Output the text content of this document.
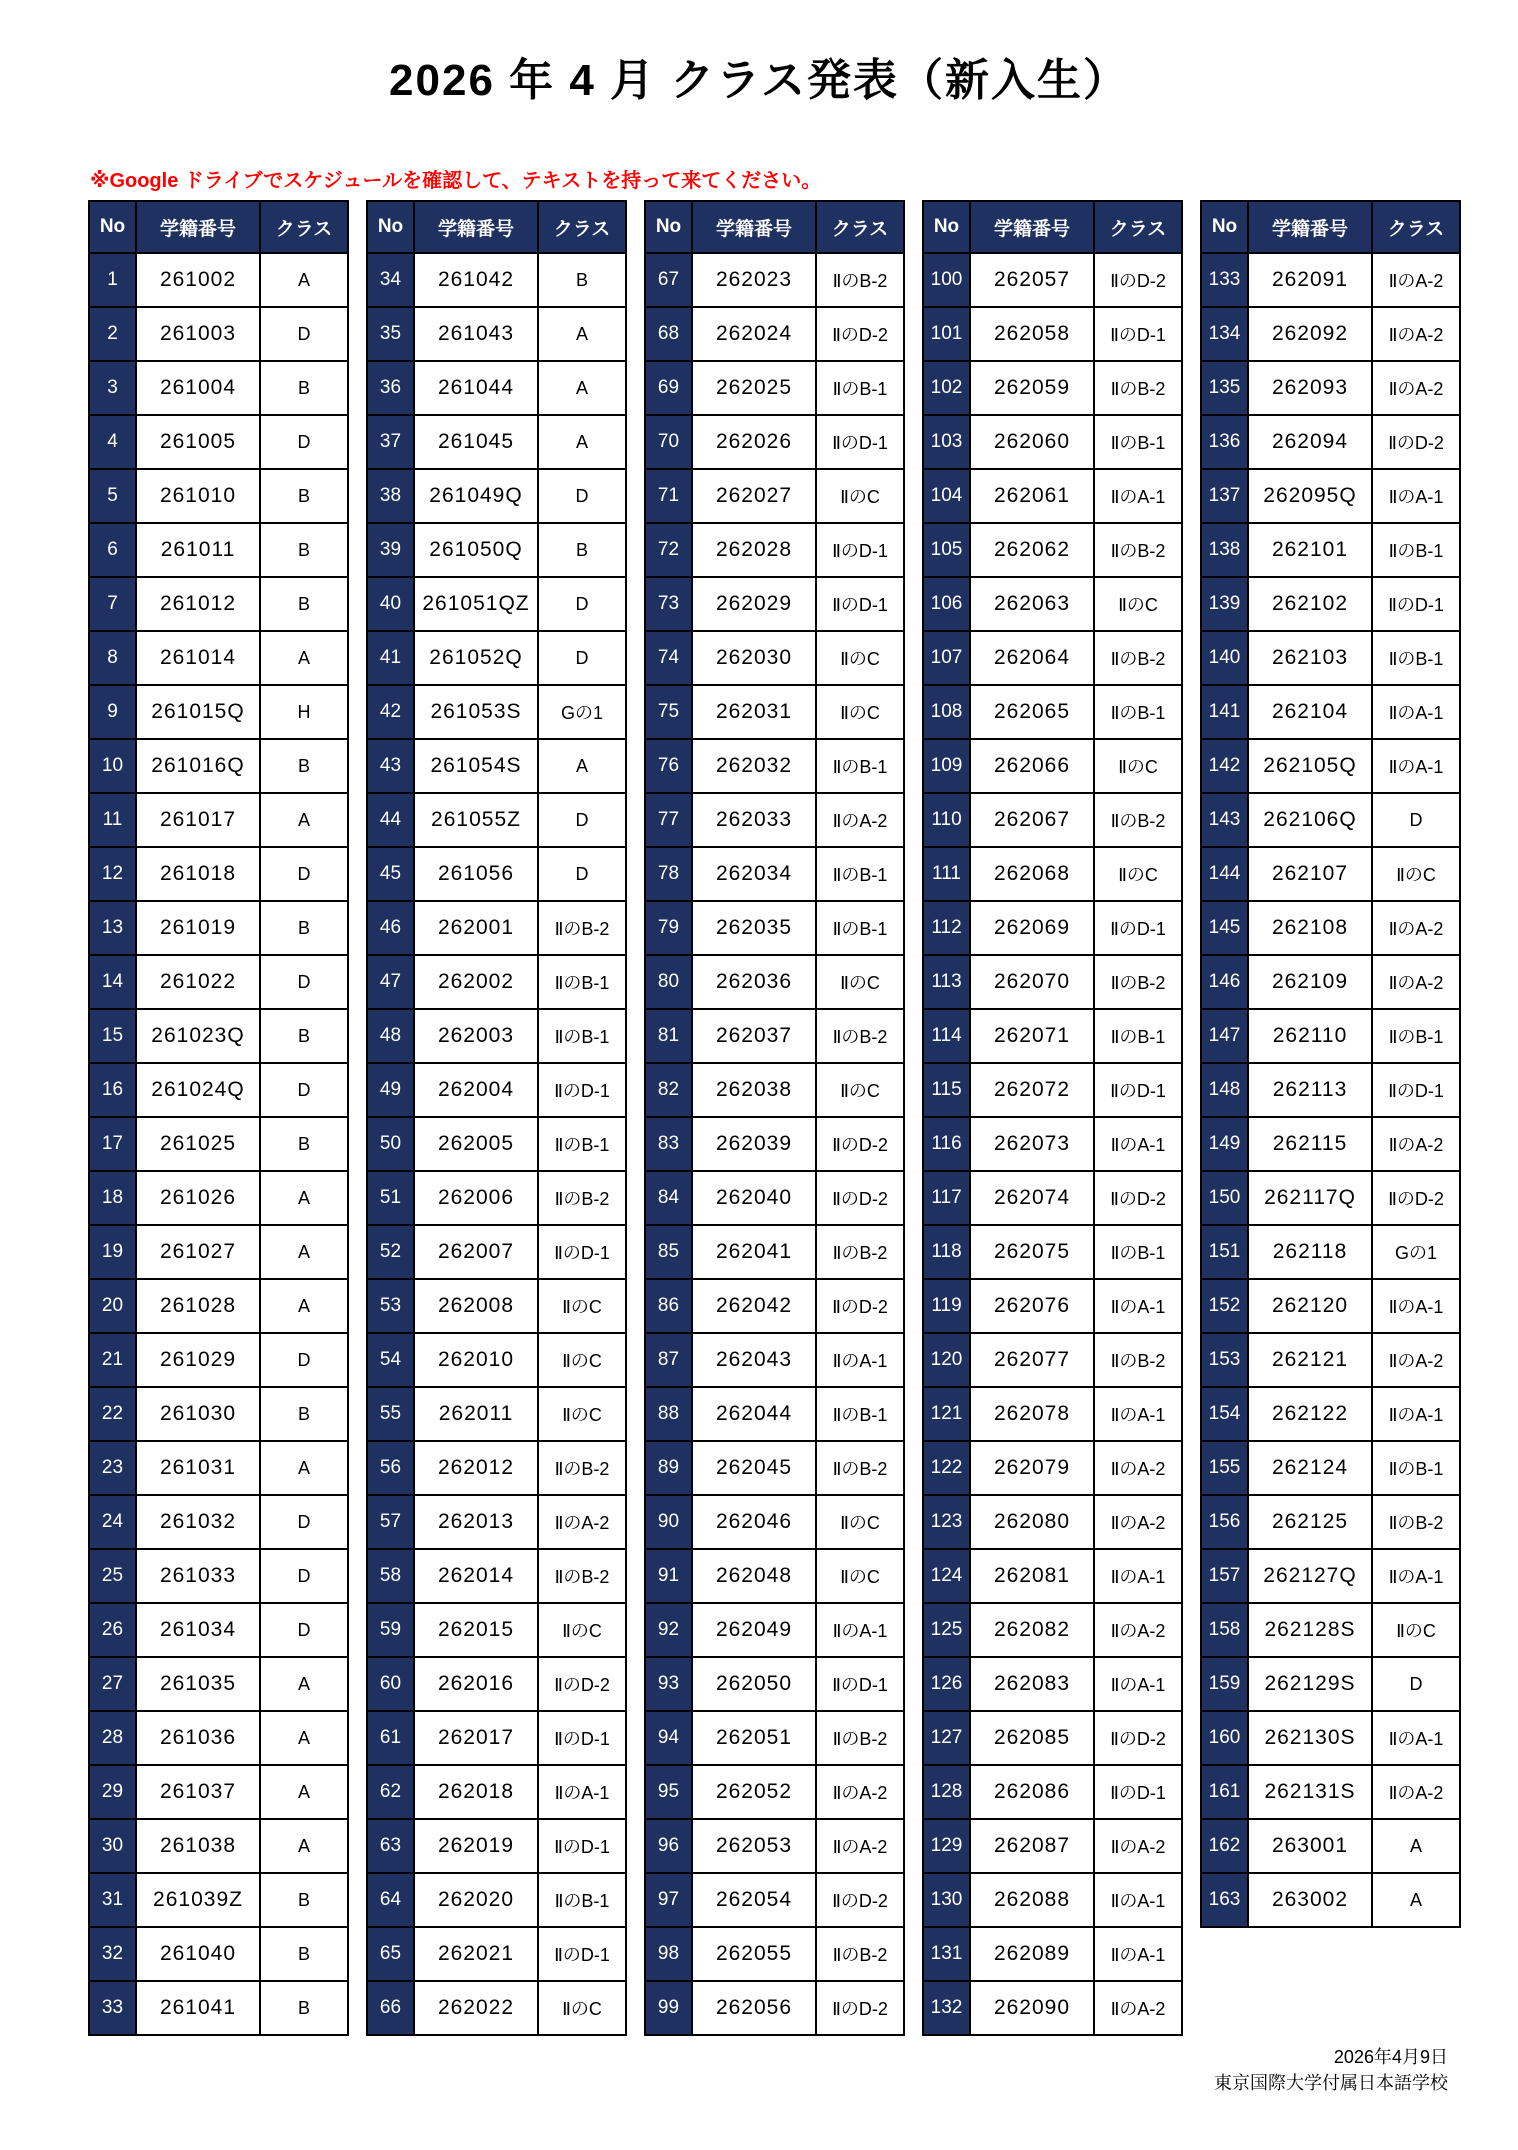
2026 年 4 月 クラス発表（新入生）
※Google ドライブでスケジュールを確認して、テキストを持って来てください。
No	学籍番号	クラス
1	261002	A
2	261003	D
3	261004	B
4	261005	D
5	261010	B
6	261011	B
7	261012	B
8	261014	A
9	261015Q	H
10	261016Q	B
11	261017	A
12	261018	D
13	261019	B
14	261022	D
15	261023Q	B
16	261024Q	D
17	261025	B
18	261026	A
19	261027	A
20	261028	A
21	261029	D
22	261030	B
23	261031	A
24	261032	D
25	261033	D
26	261034	D
27	261035	A
28	261036	A
29	261037	A
30	261038	A
31	261039Z	B
32	261040	B
33	261041	B
No	学籍番号	クラス
34	261042	B
35	261043	A
36	261044	A
37	261045	A
38	261049Q	D
39	261050Q	B
40	261051QZ	D
41	261052Q	D
42	261053S	Gの1
43	261054S	A
44	261055Z	D
45	261056	D
46	262001	ⅡのB-2
47	262002	ⅡのB-1
48	262003	ⅡのB-1
49	262004	ⅡのD-1
50	262005	ⅡのB-1
51	262006	ⅡのB-2
52	262007	ⅡのD-1
53	262008	ⅡのC
54	262010	ⅡのC
55	262011	ⅡのC
56	262012	ⅡのB-2
57	262013	ⅡのA-2
58	262014	ⅡのB-2
59	262015	ⅡのC
60	262016	ⅡのD-2
61	262017	ⅡのD-1
62	262018	ⅡのA-1
63	262019	ⅡのD-1
64	262020	ⅡのB-1
65	262021	ⅡのD-1
66	262022	ⅡのC
No	学籍番号	クラス
67	262023	ⅡのB-2
68	262024	ⅡのD-2
69	262025	ⅡのB-1
70	262026	ⅡのD-1
71	262027	ⅡのC
72	262028	ⅡのD-1
73	262029	ⅡのD-1
74	262030	ⅡのC
75	262031	ⅡのC
76	262032	ⅡのB-1
77	262033	ⅡのA-2
78	262034	ⅡのB-1
79	262035	ⅡのB-1
80	262036	ⅡのC
81	262037	ⅡのB-2
82	262038	ⅡのC
83	262039	ⅡのD-2
84	262040	ⅡのD-2
85	262041	ⅡのB-2
86	262042	ⅡのD-2
87	262043	ⅡのA-1
88	262044	ⅡのB-1
89	262045	ⅡのB-2
90	262046	ⅡのC
91	262048	ⅡのC
92	262049	ⅡのA-1
93	262050	ⅡのD-1
94	262051	ⅡのB-2
95	262052	ⅡのA-2
96	262053	ⅡのA-2
97	262054	ⅡのD-2
98	262055	ⅡのB-2
99	262056	ⅡのD-2
No	学籍番号	クラス
100	262057	ⅡのD-2
101	262058	ⅡのD-1
102	262059	ⅡのB-2
103	262060	ⅡのB-1
104	262061	ⅡのA-1
105	262062	ⅡのB-2
106	262063	ⅡのC
107	262064	ⅡのB-2
108	262065	ⅡのB-1
109	262066	ⅡのC
110	262067	ⅡのB-2
111	262068	ⅡのC
112	262069	ⅡのD-1
113	262070	ⅡのB-2
114	262071	ⅡのB-1
115	262072	ⅡのD-1
116	262073	ⅡのA-1
117	262074	ⅡのD-2
118	262075	ⅡのB-1
119	262076	ⅡのA-1
120	262077	ⅡのB-2
121	262078	ⅡのA-1
122	262079	ⅡのA-2
123	262080	ⅡのA-2
124	262081	ⅡのA-1
125	262082	ⅡのA-2
126	262083	ⅡのA-1
127	262085	ⅡのD-2
128	262086	ⅡのD-1
129	262087	ⅡのA-2
130	262088	ⅡのA-1
131	262089	ⅡのA-1
132	262090	ⅡのA-2
No	学籍番号	クラス
133	262091	ⅡのA-2
134	262092	ⅡのA-2
135	262093	ⅡのA-2
136	262094	ⅡのD-2
137	262095Q	ⅡのA-1
138	262101	ⅡのB-1
139	262102	ⅡのD-1
140	262103	ⅡのB-1
141	262104	ⅡのA-1
142	262105Q	ⅡのA-1
143	262106Q	D
144	262107	ⅡのC
145	262108	ⅡのA-2
146	262109	ⅡのA-2
147	262110	ⅡのB-1
148	262113	ⅡのD-1
149	262115	ⅡのA-2
150	262117Q	ⅡのD-2
151	262118	Gの1
152	262120	ⅡのA-1
153	262121	ⅡのA-2
154	262122	ⅡのA-1
155	262124	ⅡのB-1
156	262125	ⅡのB-2
157	262127Q	ⅡのA-1
158	262128S	ⅡのC
159	262129S	D
160	262130S	ⅡのA-1
161	262131S	ⅡのA-2
162	263001	A
163	263002	A
2026年4月9日
東京国際大学付属日本語学校
